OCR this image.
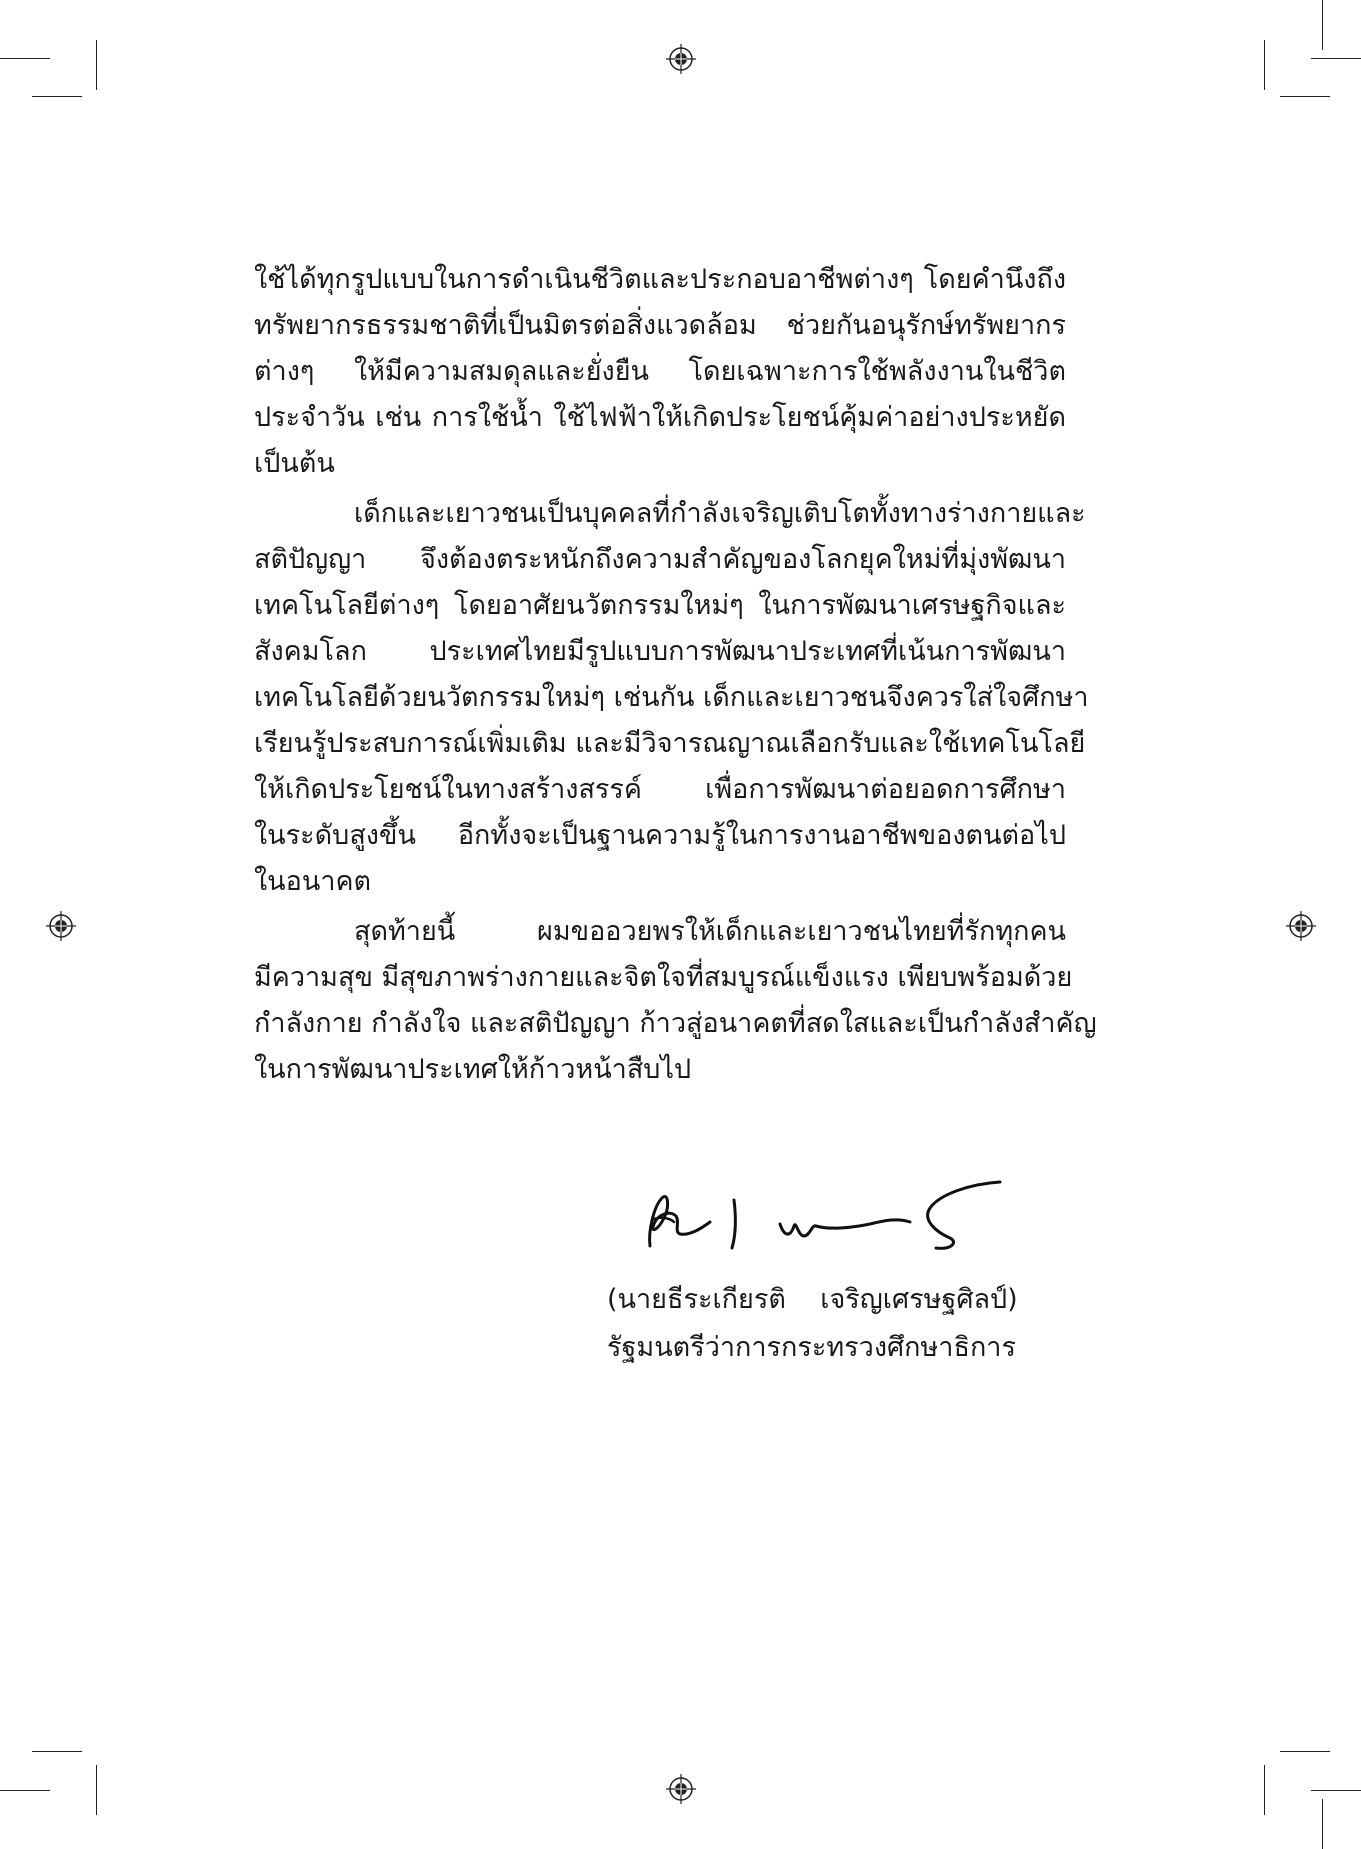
ใช้ได้ทุกรูปแบบในการดำเนินชีวิตและประกอบอาชีพต่างๆ โดยคำนึงถึง
ทรัพยากรธรรมชาติที่เป็นมิตรต่อสิ่งแวดล้อม ช่วยกันอนุรักษ์ทรัพยากร
ต่างๆ ให้มีความสมดุลและยั่งยืน โดยเฉพาะการใช้พลังงานในชีวิต
ประจำวัน เช่น การใช้น้ำ ใช้ไฟฟ้าให้เกิดประโยชน์คุ้มค่าอย่างประหยัด
เป็นต้น
เด็กและเยาวชนเป็นบุคคลที่กำลังเจริญเติบโตทั้งทางร่างกายและ
สติปัญญา จึงต้องตระหนักถึงความสำคัญของโลกยุคใหม่ที่มุ่งพัฒนา
เทคโนโลยีต่างๆ โดยอาศัยนวัตกรรมใหม่ๆ ในการพัฒนาเศรษฐกิจและ
สังคมโลก ประเทศไทยมีรูปแบบการพัฒนาประเทศที่เน้นการพัฒนา
เทคโนโลยีด้วยนวัตกรรมใหม่ๆ เช่นกัน เด็กและเยาวชนจึงควรใส่ใจศึกษา
เรียนรู้ประสบการณ์เพิ่มเติม และมีวิจารณญาณเลือกรับและใช้เทคโนโลยี
ให้เกิดประโยชน์ในทางสร้างสรรค์ เพื่อการพัฒนาต่อยอดการศึกษา
ในระดับสูงขึ้น อีกทั้งจะเป็นฐานความรู้ในการงานอาชีพของตนต่อไป
ในอนาคต
สุดท้ายนี้ ผมขออวยพรให้เด็กและเยาวชนไทยที่รักทุกคน
มีความสุข มีสุขภาพร่างกายและจิตใจที่สมบูรณ์แข็งแรง เพียบพร้อมด้วย
กำลังกาย กำลังใจ และสติปัญญา ก้าวสู่อนาคตที่สดใสและเป็นกำลังสำคัญ
ในการพัฒนาประเทศให้ก้าวหน้าสืบไป
(นายธีระเกียรติ    เจริญเศรษฐศิลป์)
รัฐมนตรีว่าการกระทรวงศึกษาธิการ
